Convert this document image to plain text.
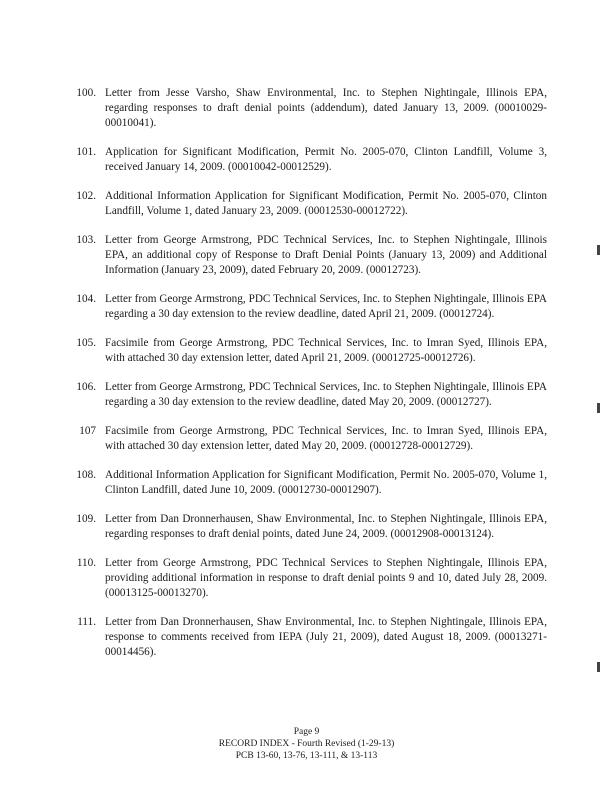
100. Letter from Jesse Varsho, Shaw Environmental, Inc. to Stephen Nightingale, Illinois EPA, regarding responses to draft denial points (addendum), dated January 13, 2009. (00010029-00010041).
101. Application for Significant Modification, Permit No. 2005-070, Clinton Landfill, Volume 3, received January 14, 2009. (00010042-00012529).
102. Additional Information Application for Significant Modification, Permit No. 2005-070, Clinton Landfill, Volume 1, dated January 23, 2009. (00012530-00012722).
103. Letter from George Armstrong, PDC Technical Services, Inc. to Stephen Nightingale, Illinois EPA, an additional copy of Response to Draft Denial Points (January 13, 2009) and Additional Information (January 23, 2009), dated February 20, 2009. (00012723).
104. Letter from George Armstrong, PDC Technical Services, Inc. to Stephen Nightingale, Illinois EPA regarding a 30 day extension to the review deadline, dated April 21, 2009. (00012724).
105. Facsimile from George Armstrong, PDC Technical Services, Inc. to Imran Syed, Illinois EPA, with attached 30 day extension letter, dated April 21, 2009. (00012725-00012726).
106. Letter from George Armstrong, PDC Technical Services, Inc. to Stephen Nightingale, Illinois EPA regarding a 30 day extension to the review deadline, dated May 20, 2009. (00012727).
107 Facsimile from George Armstrong, PDC Technical Services, Inc. to Imran Syed, Illinois EPA, with attached 30 day extension letter, dated May 20, 2009. (00012728-00012729).
108. Additional Information Application for Significant Modification, Permit No. 2005-070, Volume 1, Clinton Landfill, dated June 10, 2009. (00012730-00012907).
109. Letter from Dan Dronnerhausen, Shaw Environmental, Inc. to Stephen Nightingale, Illinois EPA, regarding responses to draft denial points, dated June 24, 2009. (00012908-00013124).
110. Letter from George Armstrong, PDC Technical Services to Stephen Nightingale, Illinois EPA, providing additional information in response to draft denial points 9 and 10, dated July 28, 2009. (00013125-00013270).
111. Letter from Dan Dronnerhausen, Shaw Environmental, Inc. to Stephen Nightingale, Illinois EPA, response to comments received from IEPA (July 21, 2009), dated August 18, 2009. (00013271-00014456).
Page 9
RECORD INDEX - Fourth Revised (1-29-13)
PCB 13-60, 13-76, 13-111, & 13-113
